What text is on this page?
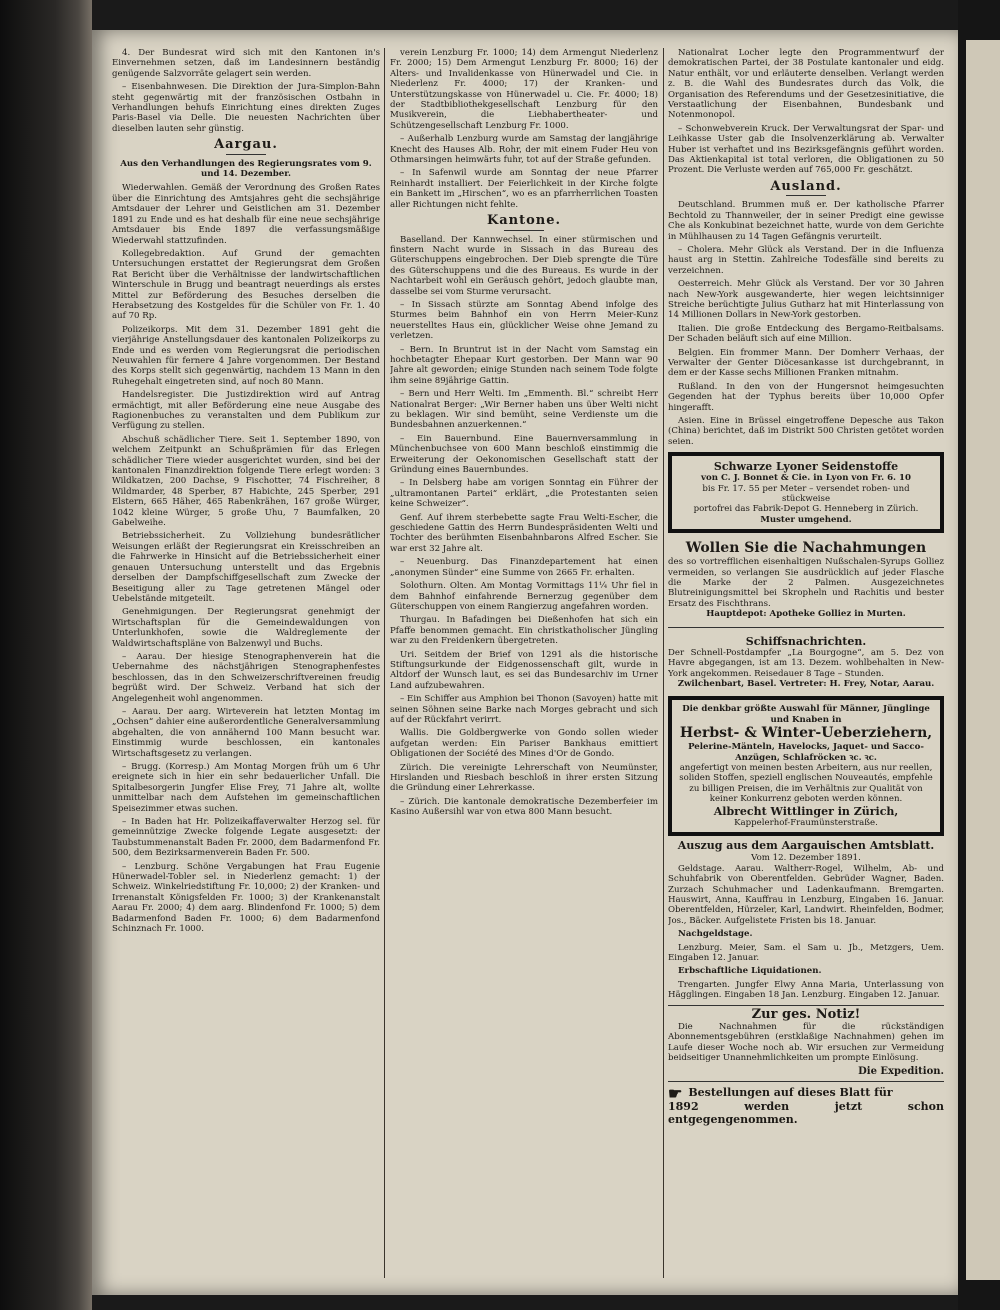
4. Der Bundesrat wird sich mit den Kantonen in's Einvernehmen setzen, daß im Landesinnern beständig genügende Salzvorräte gelagert sein werden.

– Eisenbahnwesen. Die Direktion der Jura-Simplon-Bahn steht gegenwärtig mit der französischen Ostbahn in Verhandlungen behufs Einrichtung eines direkten Zuges Paris-Basel via Delle. Die neuesten Nachrichten über dieselben lauten sehr günstig.

Aargau.

Aus den Verhandlungen des Regierungsrates vom 9. und 14. Dezember.

Wiederwahlen. Gemäß der Verordnung des Großen Rates über die Einrichtung des Amtsjahres geht die sechsjährige Amtsdauer der Lehrer und Geistlichen am 31. Dezember 1891 zu Ende und es hat deshalb für eine neue sechsjährige Amtsdauer bis Ende 1897 die verfassungsmäßige Wiederwahl stattzufinden.

Kollegebredaktion. Auf Grund der gemachten Untersuchungen erstattet der Regierungsrat dem Großen Rat Bericht über die Verhältnisse der landwirtschaftlichen Winterschule in Brugg und beantragt neuerdings als erstes Mittel zur Beförderung des Besuches derselben die Herabsetzung des Kostgeldes für die Schüler von Fr. 1. 40 auf 70 Rp.

Polizeikorps. Mit dem 31. Dezember 1891 geht die vierjährige Anstellungsdauer des kantonalen Polizeikorps zu Ende und es werden vom Regierungsrat die periodischen Neuwahlen für fernere 4 Jahre vorgenommen. Der Bestand des Korps stellt sich gegenwärtig, nachdem 13 Mann in den Ruhegehalt eingetreten sind, auf noch 80 Mann.

Handelsregister. Die Justizdirektion wird auf Antrag ermächtigt, mit aller Beförderung eine neue Ausgabe des Ragionenbuches zu veranstalten und dem Publikum zur Verfügung zu stellen.

Abschuß schädlicher Tiere. Seit 1. September 1890, von welchem Zeitpunkt an Schußprämien für das Erlegen schädlicher Tiere wieder ausgerichtet wurden, sind bei der kantonalen Finanzdirektion folgende Tiere erlegt worden: 3 Wildkatzen, 200 Dachse, 9 Fischotter, 74 Fischreiher, 8 Wildmarder, 48 Sperber, 87 Habichte, 245 Sperber, 291 Elstern, 665 Häher, 465 Rabenkrähen, 167 große Würger, 1042 kleine Würger, 5 große Uhu, 7 Baumfalken, 20 Gabelweihe.

Betriebssicherheit. Zu Vollziehung bundesrätlicher Weisungen erläßt der Regierungsrat ein Kreisschreiben an die Fahrwerke in Hinsicht auf die Betriebssicherheit einer genauen Untersuchung unterstellt und das Ergebnis derselben der Dampfschiffgesellschaft zum Zwecke der Beseitigung aller zu Tage getretenen Mängel oder Uebelstände mitgeteilt.

Genehmigungen. Der Regierungsrat genehmigt der Wirtschaftsplan für die Gemeindewaldungen von Unterlunkhofen, sowie die Waldreglemente der Waldwirtschaftspläne von Balzenwyl und Buchs.

– Aarau. Der hiesige Stenographenverein hat die Uebernahme des nächstjährigen Stenographenfestes beschlossen, das in den Schweizerschriftvereinen freudig begrüßt wird. Der Schweiz. Verband hat sich der Angelegenheit wohl angenommen.

– Aarau. Der aarg. Wirteverein hat letzten Montag im „Ochsen“ dahier eine außerordentliche Generalversammlung abgehalten, die von annähernd 100 Mann besucht war. Einstimmig wurde beschlossen, ein kantonales Wirtschaftsgesetz zu verlangen.

– Brugg. (Korresp.) Am Montag Morgen früh um 6 Uhr ereignete sich in hier ein sehr bedauerlicher Unfall. Die Spitalbesorgerin Jungfer Elise Frey, 71 Jahre alt, wollte unmittelbar nach dem Aufstehen im gemeinschaftlichen Speisezimmer etwas suchen.

– In Baden hat Hr. Polizeikaffaverwalter Herzog sel. für gemeinnützige Zwecke folgende Legate ausgesetzt: der Taubstummenanstalt Baden Fr. 2000, dem Badarmenfond Fr. 500, dem Bezirksarmenverein Baden Fr. 500.

– Lenzburg. Schöne Vergabungen hat Frau Eugenie Hünerwadel-Tobler sel. in Niederlenz gemacht: 1) der Schweiz. Winkelriedstiftung Fr. 10,000; 2) der Kranken- und Irrenanstalt Königsfelden Fr. 1000; 3) der Krankenanstalt Aarau Fr. 2000; 4) dem aarg. Blindenfond Fr. 1000; 5) dem Badarmenfond Baden Fr. 1000; 6) dem Badarmenfond Schinznach Fr. 1000.

verein Lenzburg Fr. 1000; 14) dem Armengut Niederlenz Fr. 2000; 15) Dem Armengut Lenzburg Fr. 8000; 16) der Alters- und Invalidenkasse von Hünerwadel und Cie. in Niederlenz Fr. 4000; 17) der Kranken- und Unterstützungskasse von Hünerwadel u. Cie. Fr. 4000; 18) der Stadtbibliothekgesellschaft Lenzburg für den Musikverein, die Liebhabertheater- und Schützengesellschaft Lenzburg Fr. 1000.

– Außerhalb Lenzburg wurde am Samstag der langjährige Knecht des Hauses Alb. Rohr, der mit einem Fuder Heu von Othmarsingen heimwärts fuhr, tot auf der Straße gefunden.

– In Safenwil wurde am Sonntag der neue Pfarrer Reinhardt installiert. Der Feierlichkeit in der Kirche folgte ein Bankett im „Hirschen“, wo es an pfarrherrlichen Toasten aller Richtungen nicht fehlte.

Kantone.

Baselland. Der Kannwechsel. In einer stürmischen und finstern Nacht wurde in Sissach in das Bureau des Güterschuppens eingebrochen. Der Dieb sprengte die Türe des Güterschuppens und die des Bureaus. Es wurde in der Nachtarbeit wohl ein Geräusch gehört, jedoch glaubte man, dasselbe sei vom Sturme verursacht.

– In Sissach stürzte am Sonntag Abend infolge des Sturmes beim Bahnhof ein von Herrn Meier-Kunz neuerstelltes Haus ein, glücklicher Weise ohne Jemand zu verletzen.

– Bern. In Bruntrut ist in der Nacht vom Samstag ein hochbetagter Ehepaar Kurt gestorben. Der Mann war 90 Jahre alt geworden; einige Stunden nach seinem Tode folgte ihm seine 89jährige Gattin.

– Bern und Herr Welti. Im „Emmenth. Bl.“ schreibt Herr Nationalrat Berger: „Wir Berner haben uns über Welti nicht zu beklagen. Wir sind bemüht, seine Verdienste um die Bundesbahnen anzuerkennen.“

– Ein Bauernbund. Eine Bauernversammlung in Münchenbuchsee von 600 Mann beschloß einstimmig die Erweiterung der Oekonomischen Gesellschaft statt der Gründung eines Bauernbundes.

– In Delsberg habe am vorigen Sonntag ein Führer der „ultramontanen Partei“ erklärt, „die Protestanten seien keine Schweizer“.

Genf. Auf ihrem sterbebette sagte Frau Welti-Escher, die geschiedene Gattin des Herrn Bundespräsidenten Welti und Tochter des berühmten Eisenbahnbarons Alfred Escher. Sie war erst 32 Jahre alt.

– Neuenburg. Das Finanzdepartement hat einen „anonymen Sünder“ eine Summe von 2665 Fr. erhalten.

Solothurn. Olten. Am Montag Vormittags 11¼ Uhr fiel in dem Bahnhof einfahrende Bernerzug gegenüber dem Güterschuppen von einem Rangierzug angefahren worden.

Thurgau. In Bafadingen bei Dießenhofen hat sich ein Pfaffe benommen gemacht. Ein christkatholischer Jüngling war zu den Freidenkern übergetreten.

Uri. Seitdem der Brief von 1291 als die historische Stiftungsurkunde der Eidgenossenschaft gilt, wurde in Altdorf der Wunsch laut, es sei das Bundesarchiv im Urner Land aufzubewahren.

– Ein Schiffer aus Amphion bei Thonon (Savoyen) hatte mit seinen Söhnen seine Barke nach Morges gebracht und sich auf der Rückfahrt verirrt.

Wallis. Die Goldbergwerke von Gondo sollen wieder aufgetan werden: Ein Pariser Bankhaus emittiert Obligationen der Société des Mines d'Or de Gondo.

Zürich. Die vereinigte Lehrerschaft von Neumünster, Hirslanden und Riesbach beschloß in ihrer ersten Sitzung die Gründung einer Lehrerkasse.

– Zürich. Die kantonale demokratische Dezemberfeier im Kasino Außersihl war von etwa 800 Mann besucht.

Nationalrat Locher legte den Programmentwurf der demokratischen Partei, der 38 Postulate kantonaler und eidg. Natur enthält, vor und erläuterte denselben. Verlangt werden z. B. die Wahl des Bundesrates durch das Volk, die Organisation des Referendums und der Gesetzesinitiative, die Verstaatlichung der Eisenbahnen, Bundesbank und Notenmonopol.

– Schonwebverein Kruck. Der Verwaltungsrat der Spar- und Leihkasse Uster gab die Insolvenzerklärung ab. Verwalter Huber ist verhaftet und ins Bezirksgefängnis geführt worden. Das Aktienkapital ist total verloren, die Obligationen zu 50 Prozent. Die Verluste werden auf 765,000 Fr. geschätzt.

Ausland.

Deutschland. Brummen muß er. Der katholische Pfarrer Bechtold zu Thannweiler, der in seiner Predigt eine gewisse Che als Konkubinat bezeichnet hatte, wurde von dem Gerichte in Mühlhausen zu 14 Tagen Gefängnis verurteilt.

– Cholera. Mehr Glück als Verstand. Der in die Influenza haust arg in Stettin. Zahlreiche Todesfälle sind bereits zu verzeichnen.

Oesterreich. Mehr Glück als Verstand. Der vor 30 Jahren nach New-York ausgewanderte, hier wegen leichtsinniger Streiche berüchtigte Julius Gutharz hat mit Hinterlassung von 14 Millionen Dollars in New-York gestorben.

Italien. Die große Entdeckung des Bergamo-Reitbalsams. Der Schaden beläuft sich auf eine Million.

Belgien. Ein frommer Mann. Der Domherr Verhaas, der Verwalter der Genter Diöcesankasse ist durchgebrannt, in dem er der Kasse sechs Millionen Franken mitnahm.

Rußland. In den von der Hungersnot heimgesuchten Gegenden hat der Typhus bereits über 10,000 Opfer hingerafft.

Asien. Eine in Brüssel eingetroffene Depesche aus Takon (China) berichtet, daß im Distrikt 500 Christen getötet worden seien.

Schwarze Lyoner Seidenstoffe
von C. J. Bonnet & Cie. in Lyon von Fr. 6. 10
bis Fr. 17. 55 per Meter – versendet roben- und stückweise
portofrei das Fabrik-Depot G. Henneberg in Zürich.
Muster umgehend.
Wollen Sie die Nachahmungen
des so vortrefflichen eisenhaltigen Nußschalen-Syrups Golliez vermeiden, so verlangen Sie ausdrücklich auf jeder Flasche die Marke der 2 Palmen. Ausgezeichnetes Blutreinigungsmittel bei Skropheln und Rachitis und bester Ersatz des Fischthrans.
Hauptdepot: Apotheke Golliez in Murten.
Schiffsnachrichten.
Der Schnell-Postdampfer „La Bourgogne“, am 5. Dez von Havre abgegangen, ist am 13. Dezem. wohlbehalten in New-York angekommen. Reisedauer 8 Tage – Stunden.
Zwilchenbart, Basel. Vertreter: H. Frey, Notar, Aarau.
Die denkbar größte Auswahl für Männer, Jünglinge und Knaben in
Herbst- & Winter-Ueberziehern,
Pelerine-Mänteln, Havelocks, Jaquet- und Sacco-Anzügen, Schlafröcken ꝛc. ꝛc.
angefertigt von meinen besten Arbeitern, aus nur reellen, soliden Stoffen, speziell englischen Nouveautés, empfehle zu billigen Preisen, die im Verhältnis zur Qualität von keiner Konkurrenz geboten werden können.
Albrecht Wittlinger in Zürich,
Kappelerhof-Fraumünsterstraße.
Auszug aus dem Aargauischen Amtsblatt.
Vom 12. Dezember 1891.

Geldstage. Aarau. Waltherr-Rogel, Wilhelm, Ab- und Schuhfabrik von Oberentfelden. Gebrüder Wagner, Baden. Zurzach Schuhmacher und Ladenkaufmann. Bremgarten. Hauswirt, Anna, Kauffrau in Lenzburg, Eingaben 16. Januar. Oberentfelden, Hürzeler, Karl, Landwirt. Rheinfelden, Bodmer, Jos., Bäcker. Aufgelistete Fristen bis 18. Januar.

Nachgeldstage.

Lenzburg. Meier, Sam. el Sam u. Jb., Metzgers, Uem. Eingaben 12. Januar.

Erbschaftliche Liquidationen.

Trengarten. Jungfer Elwy Anna Maria, Unterlassung von Hägglingen. Eingaben 18 Jan. Lenzburg. Eingaben 12. Januar.

Zur ges. Notiz!

Die Nachnahmen für die rückständigen Abonnementsgebühren (erstklaßige Nachnahmen) gehen im Laufe dieser Woche noch ab. Wir ersuchen zur Vermeidung beidseitiger Unannehmlichkeiten um prompte Einlösung.

Die Expedition.
☛ Bestellungen auf dieses Blatt für
1892 werden jetzt schon entgegengenommen.
